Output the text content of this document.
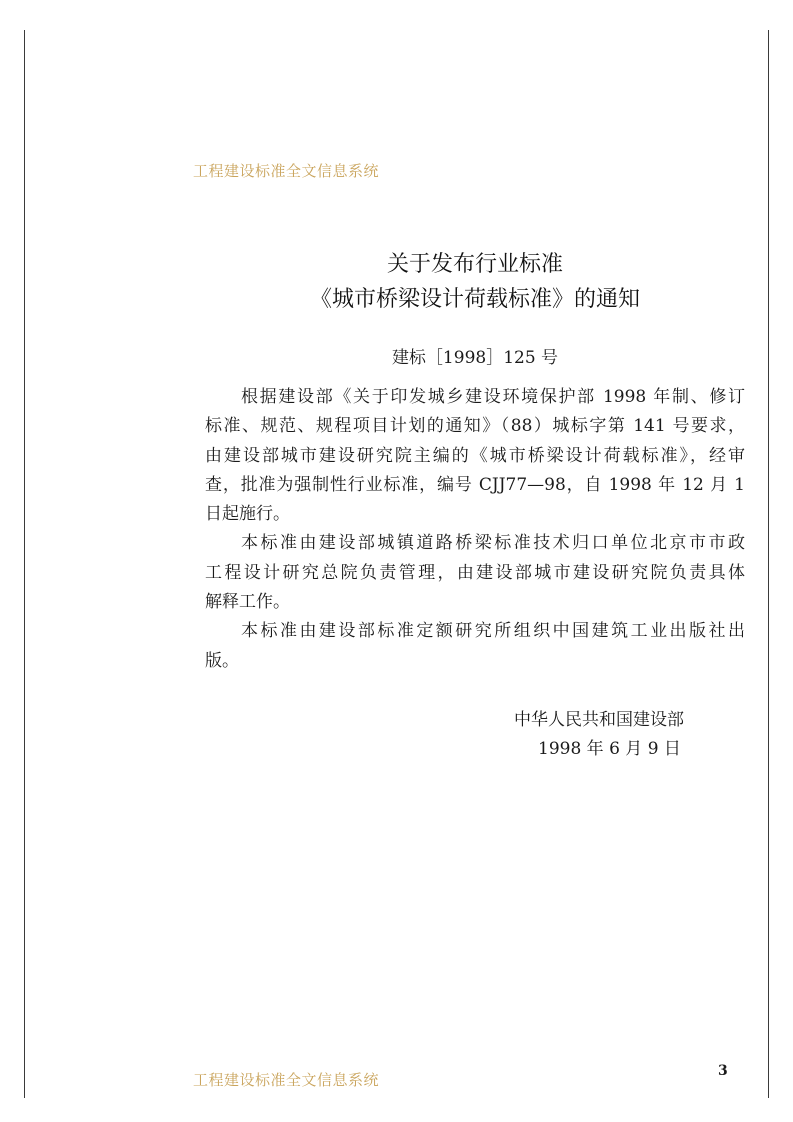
工程建设标准全文信息系统
关于发布行业标准
《城市桥梁设计荷载标准》的通知
建标［1998］125 号
根据建设部《关于印发城乡建设环境保护部 1998 年制、修订
标准、规范、规程项目计划的通知》（88）城标字第 141 号要求，
由建设部城市建设研究院主编的《城市桥梁设计荷载标准》，经审
查，批准为强制性行业标准，编号 CJJ77—98，自 1998 年 12 月 1
日起施行。
本标准由建设部城镇道路桥梁标准技术归口单位北京市市政
工程设计研究总院负责管理，由建设部城市建设研究院负责具体
解释工作。
本标准由建设部标准定额研究所组织中国建筑工业出版社出
版。
中华人民共和国建设部
1998 年 6 月 9 日
工程建设标准全文信息系统	3
